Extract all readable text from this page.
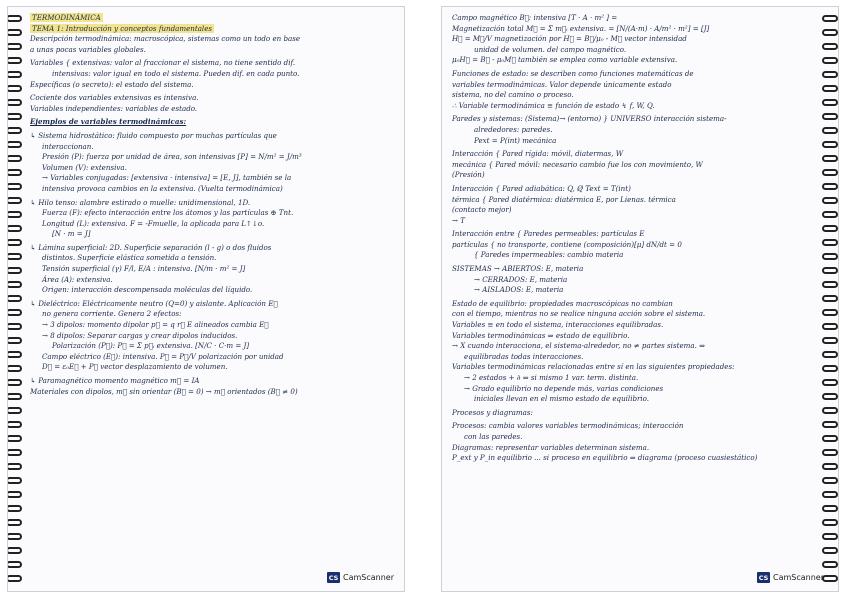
TERMODINÁMICA
TEMA 1: Introducción y conceptos fundamentales
Descripción termodinámica: macroscópica, sistemas como un todo en base
a unas pocas variables globales.
Variables { extensivas: valor al fraccionar el sistema, no tiene sentido dif.
intensivas: valor igual en todo el sistema. Pueden dif. en cada punto.
Específicas (o secreto): el estado del sistema.
Cociente dos variables extensivas es intensiva.
Variables independientes: variables de estado.
Ejemplos de variables termodinámicas:
↳ Sistema hidrostático: fluido compuesto por muchas partículas que
interaccionan.
Presión (P): fuerza por unidad de área, son intensivas [P] = N/m² = J/m³
Volumen (V): extensiva.
→ Variables conjugadas: [extensiva · intensiva] = [E, J], también se la
intensiva provoca cambios en la extensiva. (Vuelta termodinámica)
↳ Hilo tenso: alambre estirado o muelle: unidimensional, 1D.
Fuerza (F): efecto interacción entre los átomos y las partículas ⊕ Tnt.
Longitud (L): extensiva. F = -Fmuelle, la aplicada para L↑↓o.
[N · m = J]
↳ Lámina superficial: 2D. Superficie separación (l - g) o dos fluidos
distintos. Superficie elástica sometida a tensión.
Tensión superficial (γ) F/l, E/A : intensiva. [N/m · m² = J]
Área (A): extensiva.
Origen: interacción descompensada moléculas del líquido.
↳ Dieléctrico: Eléctricamente neutro (Q=0) y aislante. Aplicación E⃗
no genera corriente. Genera 2 efectos:
→ 3 dipolos: momento dipolar p⃗ = q r⃗ E alineados cambia E⃗
→ 8 dipolos: Separar cargas y crear dipolos inducidos.
Polarización (P⃗): P⃗ = Σ p⃗ᵢ extensiva. [N/C · C·m = J]
Campo eléctrico (E⃗): intensiva. P⃗ = P⃗/V polarización por unidad
D⃗ = ε₀E⃗ + P⃗ vector desplazamiento de volumen.
↳ Paramagnético momento magnético m⃗ = IA
Materiales con dipolos, m⃗ sin orientar (B⃗ = 0) → m⃗ orientados (B⃗ ≠ 0)
CS CamScanner
Campo magnético B⃗: intensiva [T · A · m² ] =
Magnetización total M⃗ = Σ m⃗ᵢ extensiva. = [N/(A·m) · A/m² · m²] = [J]
H⃗ = M⃗/V magnetización por H⃗ = B⃗/μ₀ - M⃗ vector intensidad
unidad de volumen. del campo magnético.
μ₀H⃗ = B⃗ - μ₀M⃗ también se emplea como variable extensiva.
Funciones de estado: se describen como funciones matemáticas de
variables termodinámicas. Valor depende únicamente estado
sistema, no del camino o proceso.
∴ Variable termodinámica ≡ función de estado ↯ f, W, Q.
Paredes y sistemas: (Sistema)→ (entorno) } UNIVERSO interacción sistema-
alrededores: paredes.
Pext = P(int) mecánica
Interacción { Pared rígida: móvil, diatermas, W
mecánica { Pared móvil: necesario cambio fue los con movimiento, W
(Presión)
Interacción { Pared adiabática: Q, Q̸ Text = T(int)
térmica { Pared diatérmica: diatérmica E, por Lienas. térmica
(contacto mejor)
→ T
Interacción entre { Paredes permeables: partículas E
partículas { no transporte, contiene (composición)[μ] dN/dt = 0
{ Paredes impermeables: cambio materia
SISTEMAS → ABIERTOS: E, materia
→ CERRADOS: E, materia
→ AISLADOS: E, materia
Estado de equilibrio: propiedades macroscópicas no cambian
con el tiempo, mientras no se realice ninguna acción sobre el sistema.
Variables ≡ en todo el sistema, interacciones equilibradas.
Variables termodinámicas ⇒ estado de equilibrio.
→ X cuando interacciona, el sistema-alrededor, no ≠ partes sistema. ⇒
equilibradas todas interacciones.
Variables termodinámicas relacionadas entre sí en las siguientes propiedades:
→ 2 estados + ∂ ⇒ si mismo 1 var. term. distinta.
→ Grado equilibrio no depende más, varias condiciones
iniciales llevan en el mismo estado de equilibrio.
Procesos y diagramas:
Procesos: cambia valores variables termodinámicas; interacción
con las paredes.
Diagramas: representar variables determinan sistema.
P_ext y P_in equilibrio ... si proceso en equilibrio ⇒ diagrama (proceso cuasiestático)
CS CamScanner
